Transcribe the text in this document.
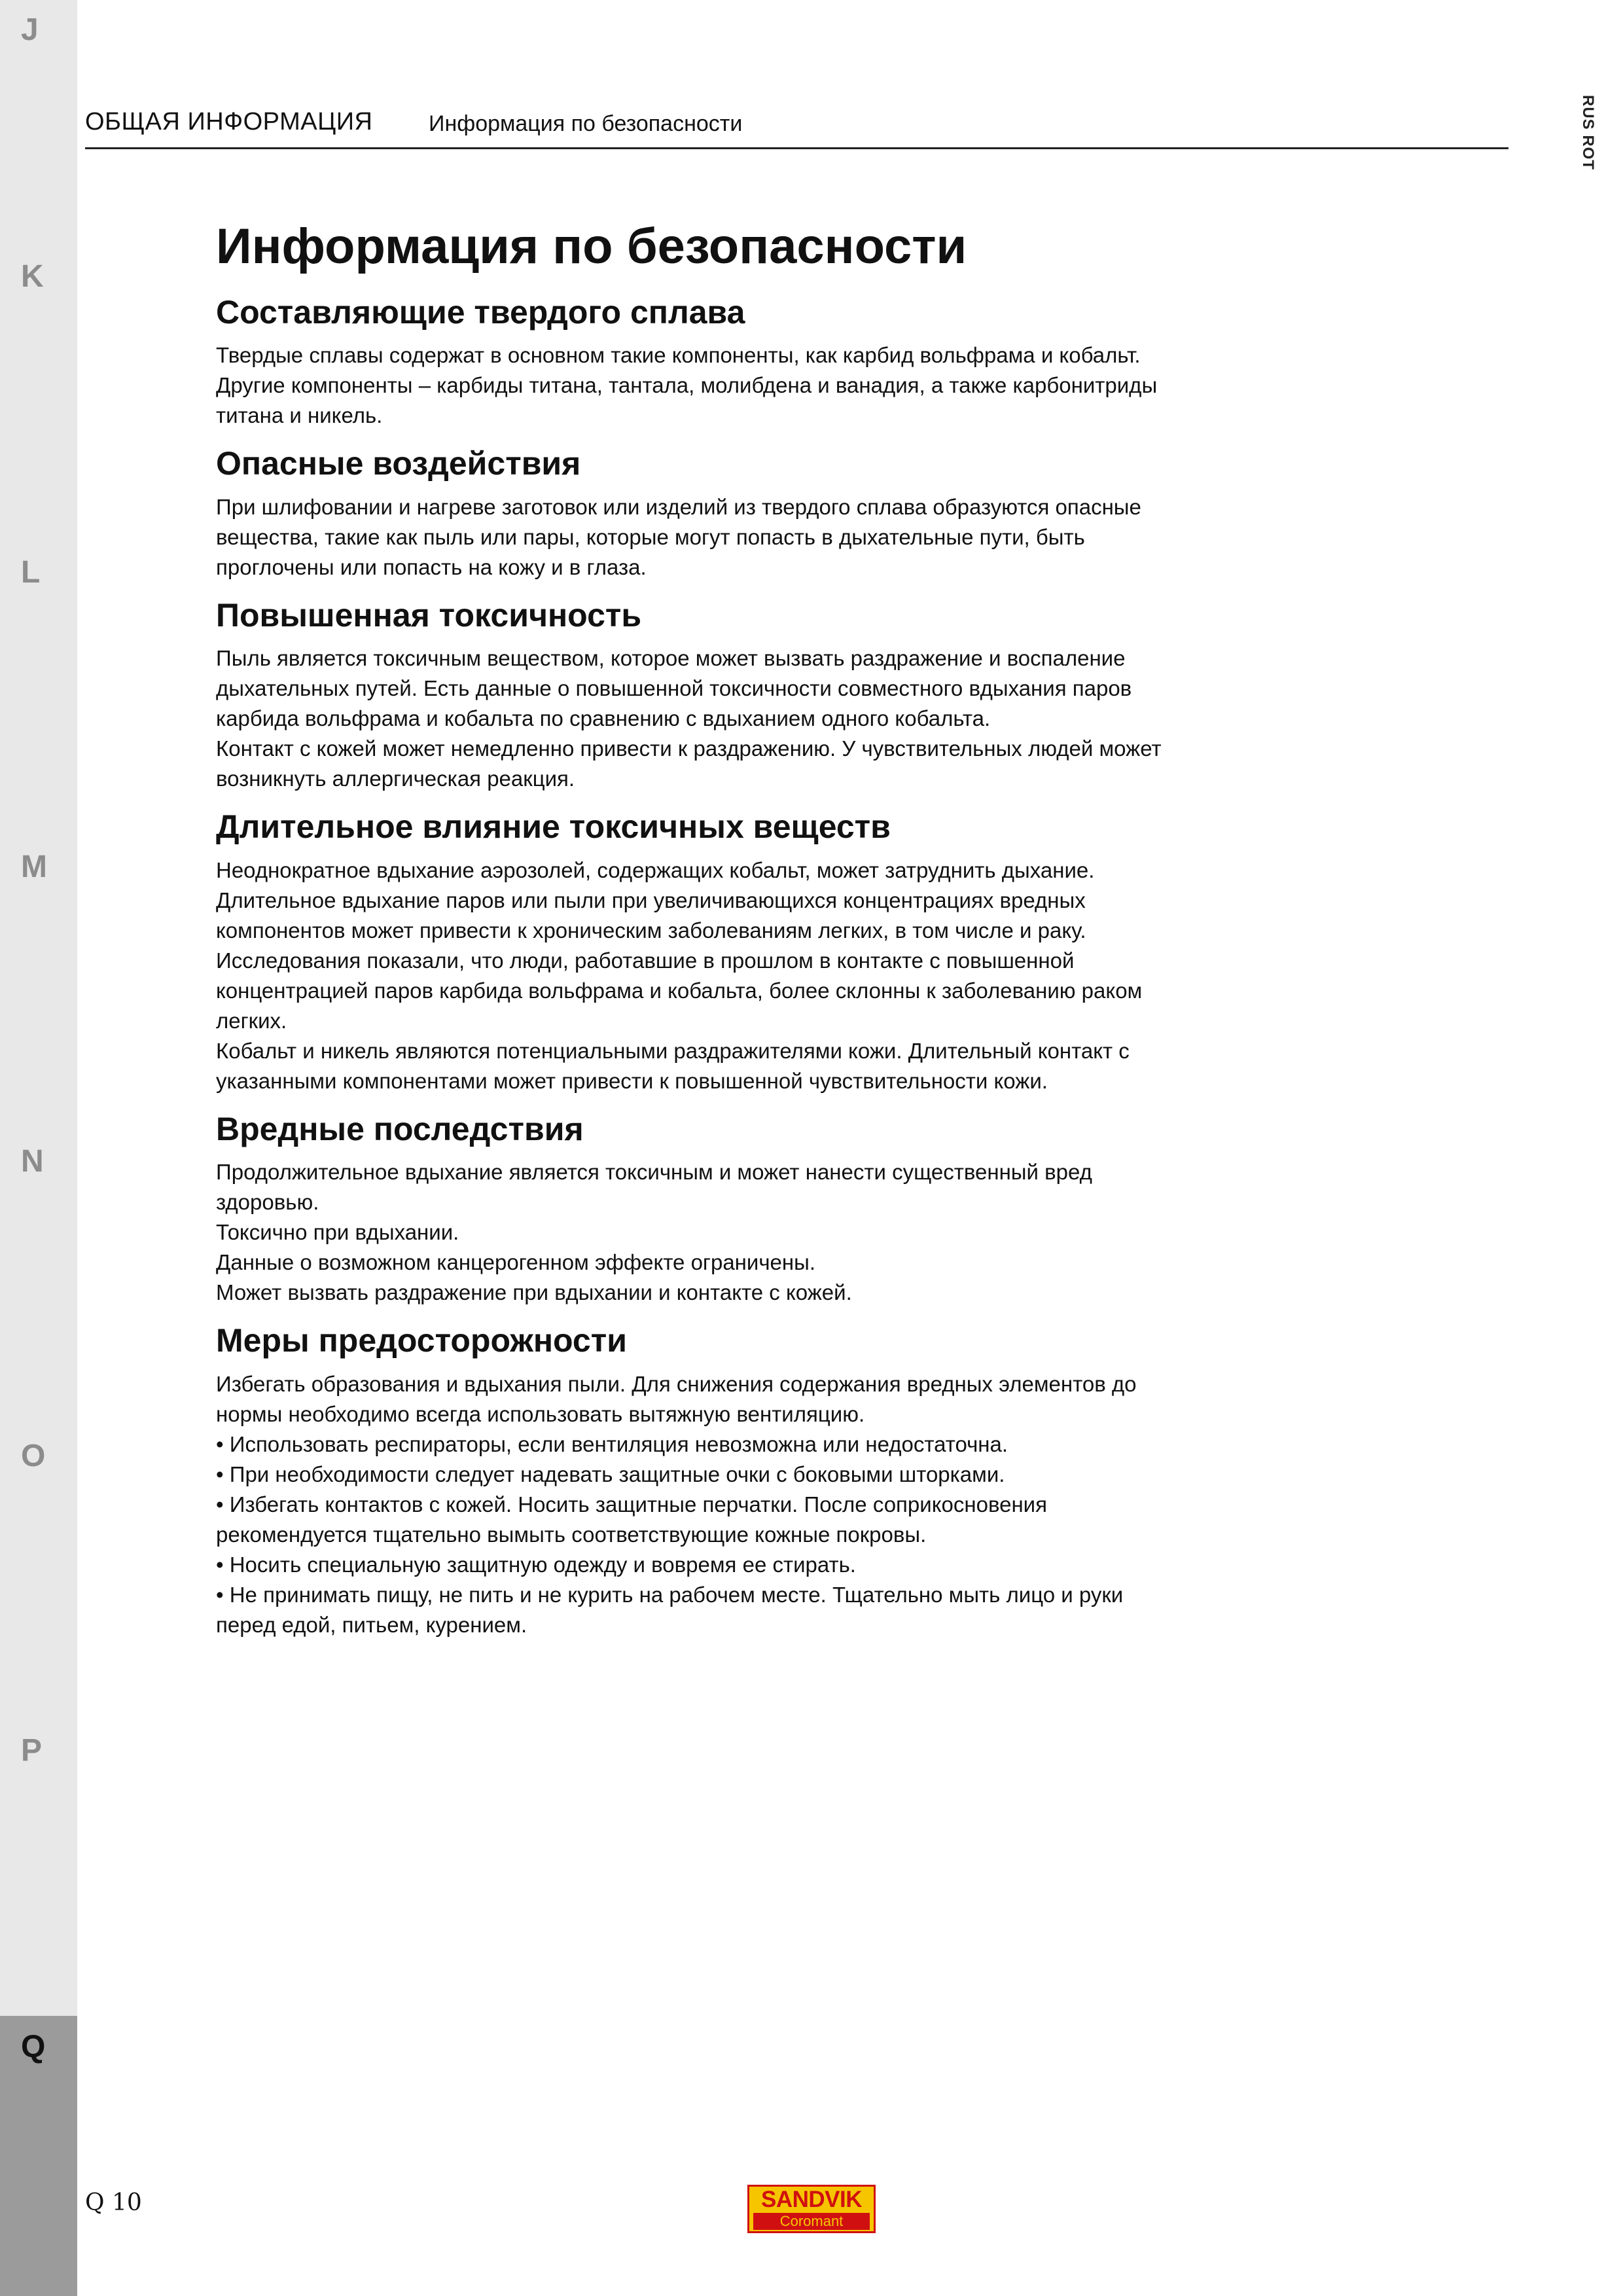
J
K
L
M
N
O
P
Q
ОБЩАЯ ИНФОРМАЦИЯ	Информация по безопасности	RUS ROT
Информация по безопасности
Составляющие твердого сплава

Твердые сплавы содержат в основном такие компоненты, как карбид вольфрама и кобальт. Другие компоненты – карбиды титана, тантала, молибдена и ванадия, а также карбонитриды титана и никель.

Опасные воздействия

При шлифовании и нагреве заготовок или изделий из твердого сплава образуются опасные вещества, такие как пыль или пары, которые могут попасть в дыхательные пути, быть проглочены или попасть на кожу и в глаза.

Повышенная токсичность

Пыль является токсичным веществом, которое может вызвать раздражение и воспаление дыхательных путей. Есть данные о повышенной токсичности совместного вдыхания паров карбида вольфрама и кобальта по сравнению с вдыханием одного кобальта.

Контакт с кожей может немедленно привести к раздражению. У чувствительных людей может возникнуть аллергическая реакция.

Длительное влияние токсичных веществ

Неоднократное вдыхание аэрозолей, содержащих кобальт, может затруднить дыхание.

Длительное вдыхание паров или пыли при увеличивающихся концентрациях вредных компонентов может привести к хроническим заболеваниям легких, в том числе и раку.

Исследования показали, что люди, работавшие в прошлом в контакте с повышенной концентрацией паров карбида вольфрама и кобальта, более склонны к заболеванию раком легких.

Кобальт и никель являются потенциальными раздражителями кожи. Длительный контакт с указанными компонентами может привести к повышенной чувствительности кожи.

Вредные последствия

Продолжительное вдыхание является токсичным и может нанести существенный вред здоровью.

Токсично при вдыхании.

Данные о возможном канцерогенном эффекте ограничены.

Может вызвать раздражение при вдыхании и контакте с кожей.

Меры предосторожности

Избегать образования и вдыхания пыли. Для снижения содержания вредных элементов до нормы необходимо всегда использовать вытяжную вентиляцию.

• Использовать респираторы, если вентиляция невозможна или недостаточна.

• При необходимости следует надевать защитные очки с боковыми шторками.

• Избегать контактов с кожей. Носить защитные перчатки. После соприкосновения рекомендуется тщательно вымыть соответствующие кожные покровы.

• Носить специальную защитную одежду и вовремя ее стирать.

• Не принимать пищу, не пить и не курить на рабочем месте. Тщательно мыть лицо и руки перед едой, питьем, курением.

Q 10	SANDVIK
Coromant
